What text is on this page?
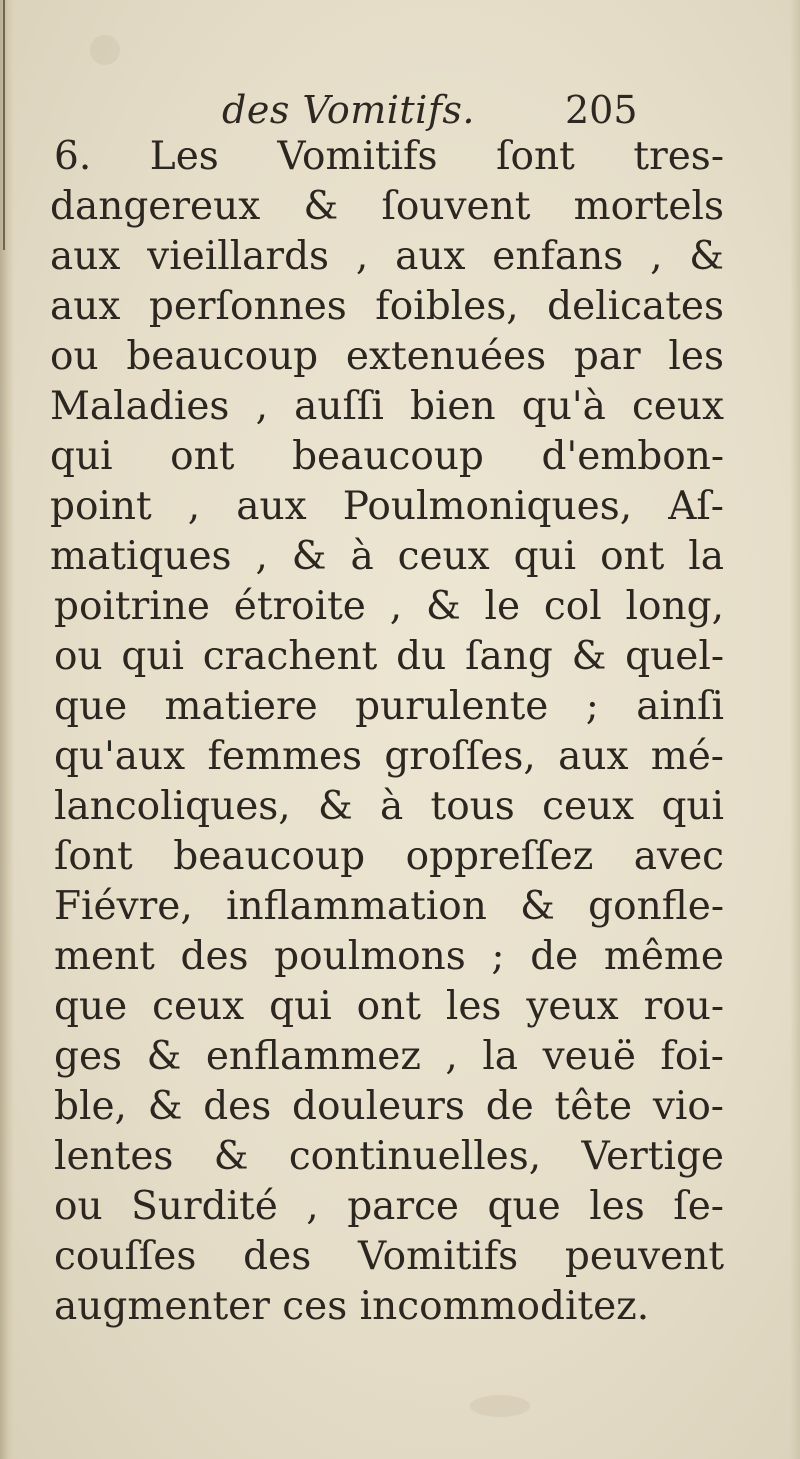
des Vomitifs. 205
6. Les Vomitifs ſont tres-
dangereux & ſouvent mortels
aux vieillards , aux enfans , &
aux perſonnes foibles, delicates
ou beaucoup extenuées par les
Maladies , auſſi bien qu'à ceux
qui ont beaucoup d'embon-
point , aux Poulmoniques, Aſ-
matiques , & à ceux qui ont la
poitrine étroite , & le col long,
ou qui crachent du ſang & quel-
que matiere purulente ; ainſi
qu'aux femmes groſſes, aux mé-
lancoliques, & à tous ceux qui
ſont beaucoup oppreſſez avec
Fiévre, inflammation & gonfle-
ment des poulmons ; de même
que ceux qui ont les yeux rou-
ges & enflammez , la veuë foi-
ble, & des douleurs de tête vio-
lentes & continuelles, Vertige
ou Surdité , parce que les ſe-
couſſes des Vomitifs peuvent
augmenter ces incommoditez.
